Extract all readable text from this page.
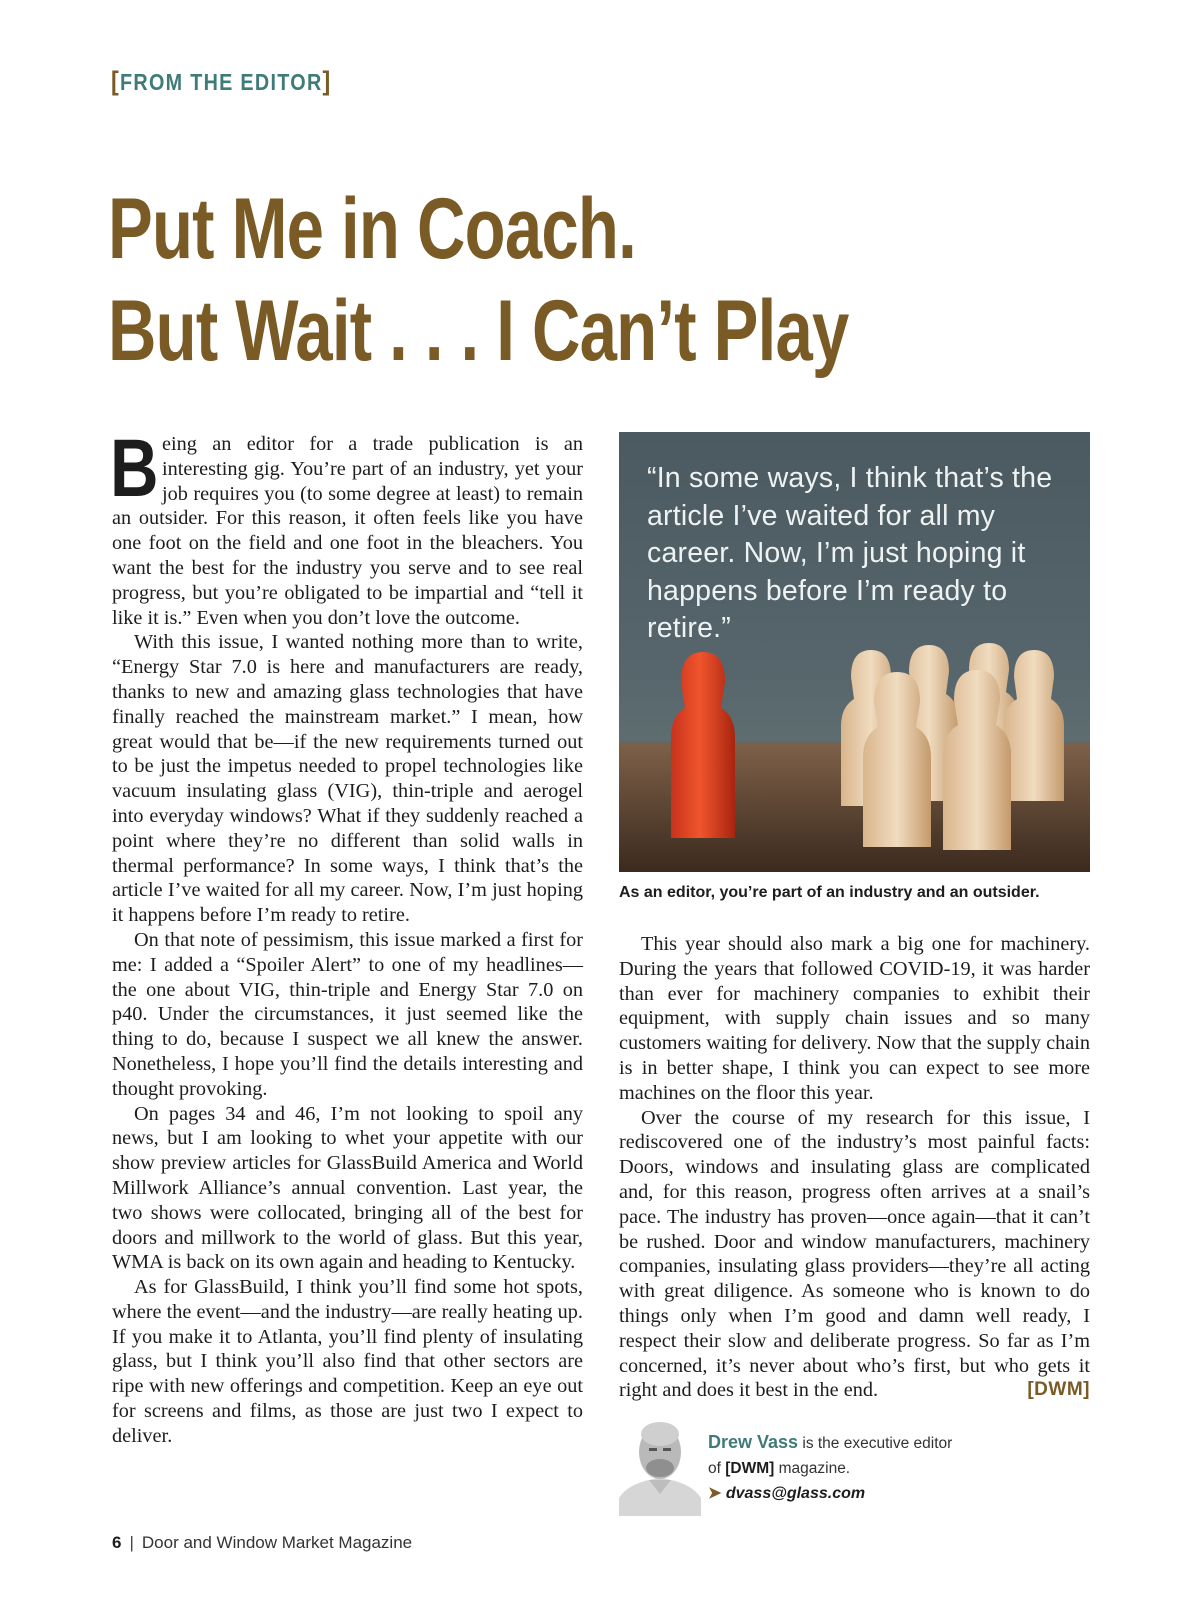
[FROM THE EDITOR]
Put Me in Coach.
But Wait . . . I Can’t Play

Being an editor for a trade publication is an interesting gig. You’re part of an industry, yet your job requires you (to some degree at least) to remain an outsider. For this reason, it often feels like you have one foot on the field and one foot in the bleachers. You want the best for the industry you serve and to see real progress, but you’re obligated to be impartial and “tell it like it is.” Even when you don’t love the outcome.

With this issue, I wanted nothing more than to write, “Energy Star 7.0 is here and manufacturers are ready, thanks to new and amazing glass technologies that have finally reached the mainstream market.” I mean, how great would that be—if the new requirements turned out to be just the impetus needed to propel technologies like vacuum insulating glass (VIG), thin-triple and aerogel into everyday windows? What if they suddenly reached a point where they’re no different than solid walls in thermal performance? In some ways, I think that’s the article I’ve waited for all my career. Now, I’m just hoping it happens before I’m ready to retire.

On that note of pessimism, this issue marked a first for me: I added a “Spoiler Alert” to one of my headlines—the one about VIG, thin-triple and Energy Star 7.0 on p40. Under the circumstances, it just seemed like the thing to do, because I suspect we all knew the answer. Nonetheless, I hope you’ll find the details interesting and thought provoking.

On pages 34 and 46, I’m not looking to spoil any news, but I am looking to whet your appetite with our show preview articles for GlassBuild America and World Millwork Alliance’s annual convention. Last year, the two shows were collocated, bringing all of the best for doors and millwork to the world of glass. But this year, WMA is back on its own again and heading to Kentucky.

As for GlassBuild, I think you’ll find some hot spots, where the event—and the industry—are really heating up. If you make it to Atlanta, you’ll find plenty of insulating glass, but I think you’ll also find that other sectors are ripe with new offerings and competition. Keep an eye out for screens and films, as those are just two I expect to deliver.

“In some ways, I think that’s the article I’ve waited for all my career. Now, I’m just hoping it happens before I’m ready to retire.”
As an editor, you’re part of an industry and an outsider.

This year should also mark a big one for machinery. During the years that followed COVID-19, it was harder than ever for machinery companies to exhibit their equipment, with supply chain issues and so many customers waiting for delivery. Now that the supply chain is in better shape, I think you can expect to see more machines on the floor this year.

Over the course of my research for this issue, I rediscovered one of the industry’s most painful facts: Doors, windows and insulating glass are complicated and, for this reason, progress often arrives at a snail’s pace. The industry has proven—once again—that it can’t be rushed. Door and window manufacturers, machinery companies, insulating glass providers—they’re all acting with great diligence. As someone who is known to do things only when I’m good and damn well ready, I respect their slow and deliberate progress. So far as I’m concerned, it’s never about who’s first, but who gets it right and does it best in the end.	[DWM]

Drew Vass is the executive editor
of [DWM] magazine.
➤ dvass@glass.com
6 | Door and Window Market Magazine
